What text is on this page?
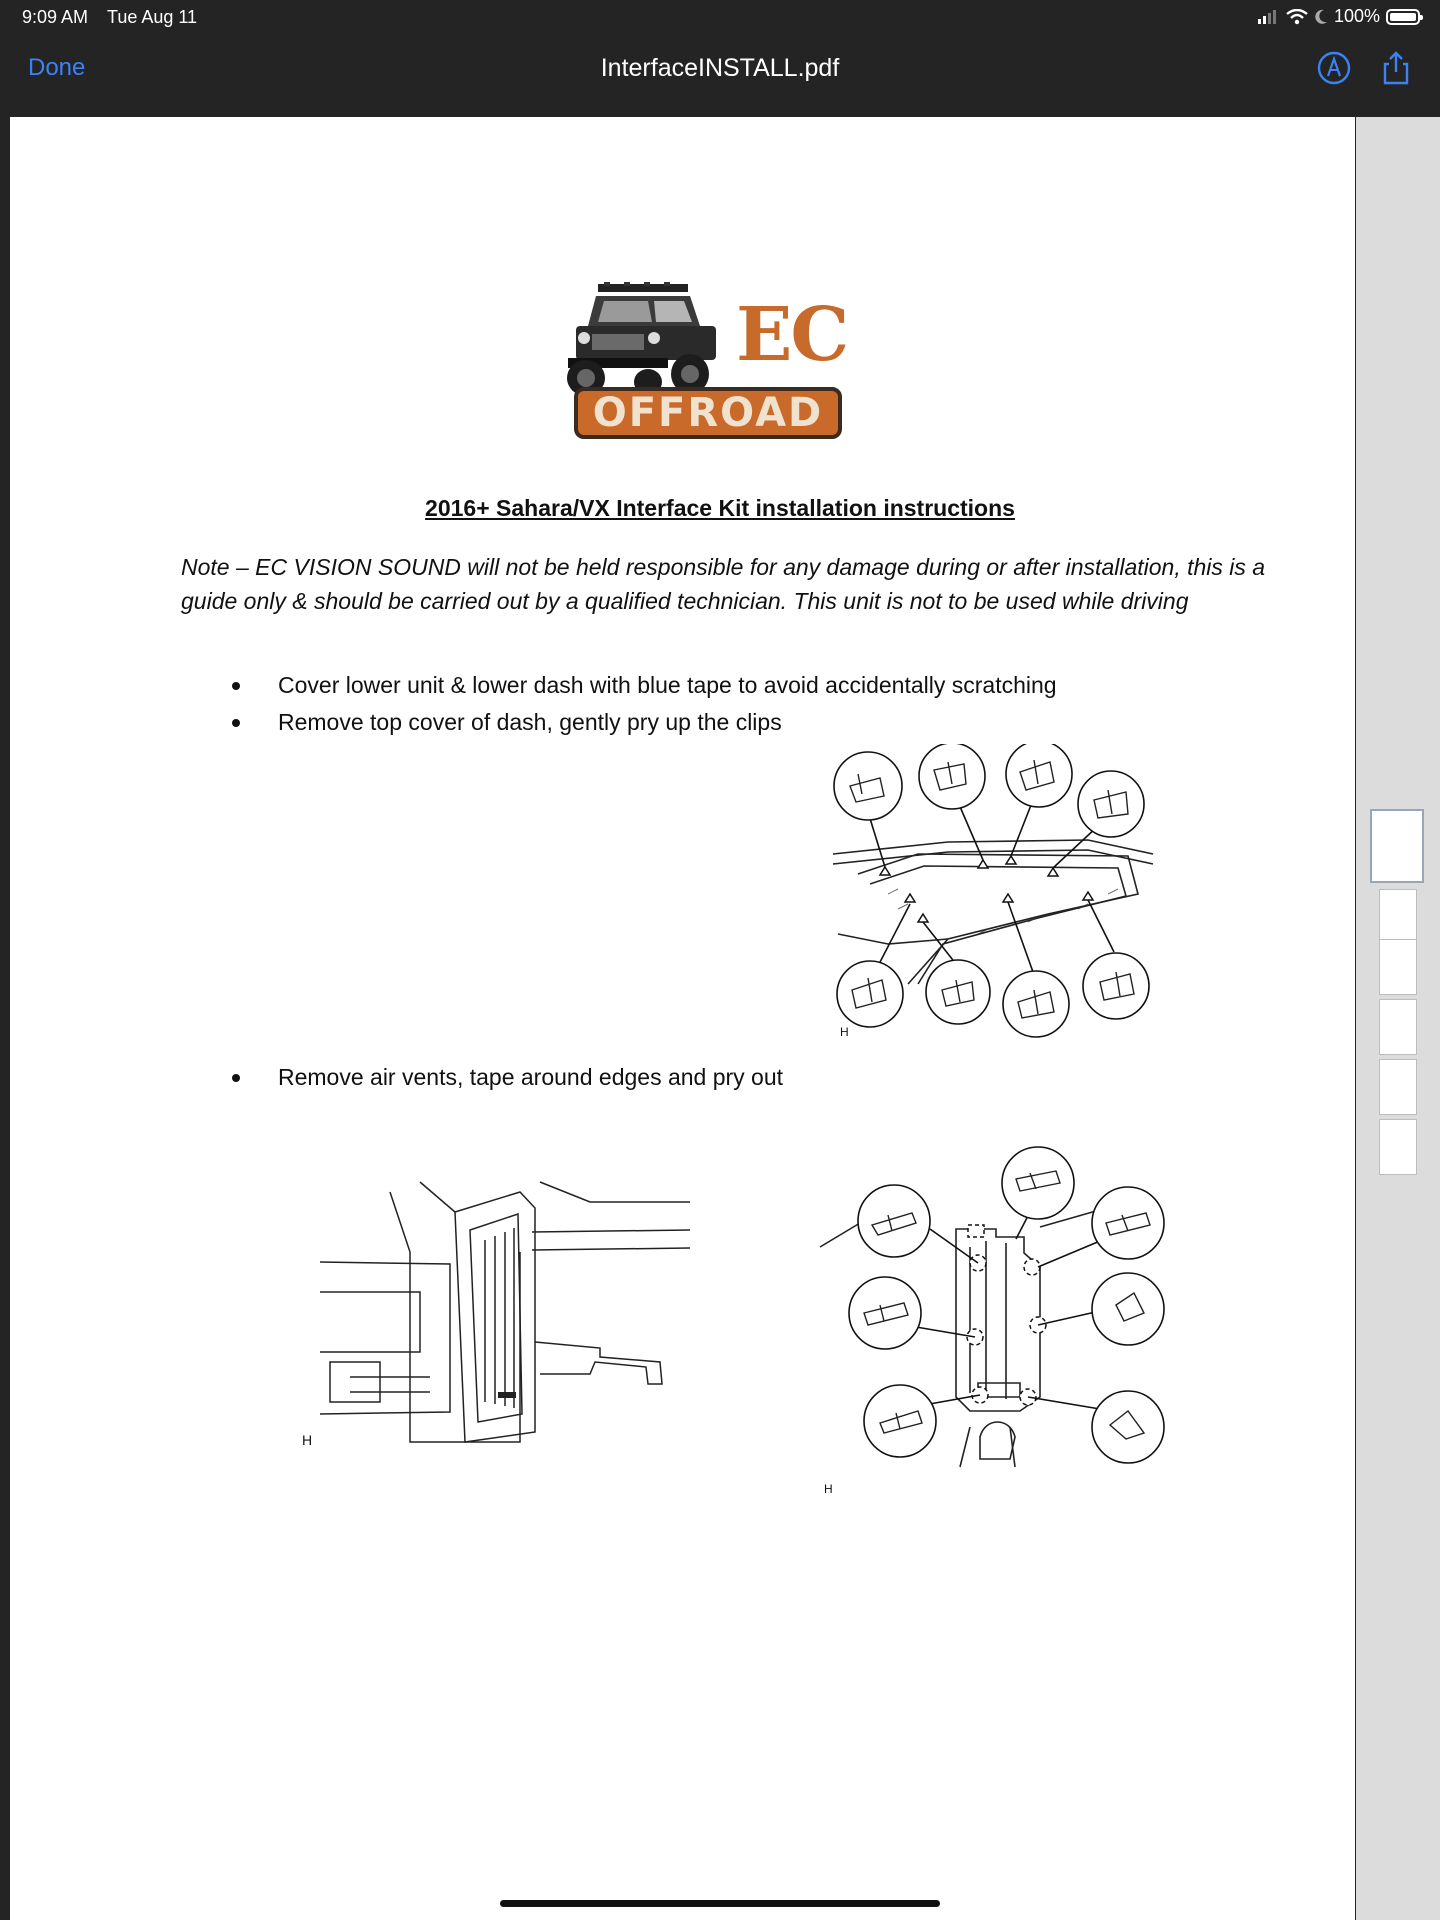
9:09 AM Tue Aug 11	100%
Done	InterfaceINSTALL.pdf
EC
OFFROAD
2016+ Sahara/VX Interface Kit installation instructions
Note – EC VISION SOUND will not be held responsible for any damage during or after installation, this is a guide only & should be carried out by a qualified technician. This unit is not to be used while driving
Cover lower unit & lower dash with blue tape to avoid accidentally scratching
Remove top cover of dash, gently pry up the clips
H
Remove air vents, tape around edges and pry out
H
H
